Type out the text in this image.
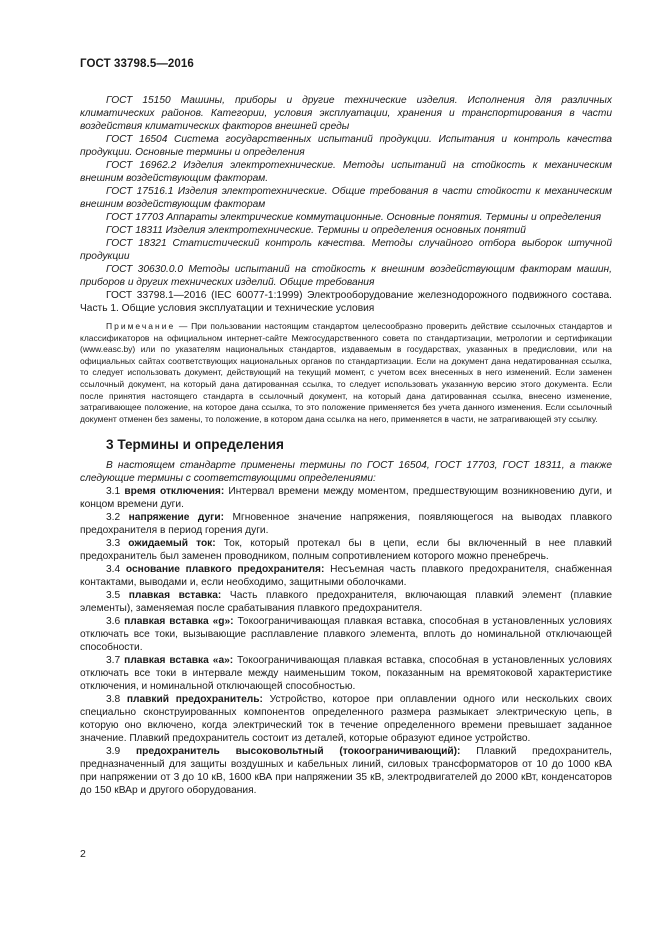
ГОСТ 33798.5—2016

ГОСТ 15150 Машины, приборы и другие технические изделия. Исполнения для различных климатических районов. Категории, условия эксплуатации, хранения и транспортирования в части воздействия климатических факторов внешней среды

ГОСТ 16504 Система государственных испытаний продукции. Испытания и контроль качества продукции. Основные термины и определения

ГОСТ 16962.2 Изделия электротехнические. Методы испытаний на стойкость к механическим внешним воздействующим факторам.

ГОСТ 17516.1 Изделия электротехнические. Общие требования в части стойкости к механическим внешним воздействующим факторам

ГОСТ 17703 Аппараты электрические коммутационные. Основные понятия. Термины и определения

ГОСТ 18311 Изделия электротехнические. Термины и определения основных понятий

ГОСТ 18321 Статистический контроль качества. Методы случайного отбора выборок штучной продукции

ГОСТ 30630.0.0 Методы испытаний на стойкость к внешним воздействующим факторам машин, приборов и других технических изделий. Общие требования

ГОСТ 33798.1—2016 (IEC 60077-1:1999) Электрооборудование железнодорожного подвижного состава. Часть 1. Общие условия эксплуатации и технические условия

Примечание — При пользовании настоящим стандартом целесообразно проверить действие ссылочных стандартов и классификаторов на официальном интернет-сайте Межгосударственного совета по стандартизации, метрологии и сертификации (www.easc.by) или по указателям национальных стандартов, издаваемым в государствах, указанных в предисловии, или на официальных сайтах соответствующих национальных органов по стандартизации. Если на документ дана недатированная ссылка, то следует использовать документ, действующий на текущий момент, с учетом всех внесенных в него изменений. Если заменен ссылочный документ, на который дана датированная ссылка, то следует использовать указанную версию этого документа. Если после принятия настоящего стандарта в ссылочный документ, на который дана датированная ссылка, внесено изменение, затрагивающее положение, на которое дана ссылка, то это положение применяется без учета данного изменения. Если ссылочный документ отменен без замены, то положение, в котором дана ссылка на него, применяется в части, не затрагивающей эту ссылку.

3 Термины и определения

В настоящем стандарте применены термины по ГОСТ 16504, ГОСТ 17703, ГОСТ 18311, а также следующие термины с соответствующими определениями:

3.1 время отключения: Интервал времени между моментом, предшествующим возникновению дуги, и концом времени дуги.

3.2 напряжение дуги: Мгновенное значение напряжения, появляющегося на выводах плавкого предохранителя в период горения дуги.

3.3 ожидаемый ток: Ток, который протекал бы в цепи, если бы включенный в нее плавкий предохранитель был заменен проводником, полным сопротивлением которого можно пренебречь.

3.4 основание плавкого предохранителя: Несъемная часть плавкого предохранителя, снабженная контактами, выводами и, если необходимо, защитными оболочками.

3.5 плавкая вставка: Часть плавкого предохранителя, включающая плавкий элемент (плавкие элементы), заменяемая после срабатывания плавкого предохранителя.

3.6 плавкая вставка «g»: Токоограничивающая плавкая вставка, способная в установленных условиях отключать все токи, вызывающие расплавление плавкого элемента, вплоть до номинальной отключающей способности.

3.7 плавкая вставка «а»: Токоограничивающая плавкая вставка, способная в установленных условиях отключать все токи в интервале между наименьшим током, показанным на времятоковой характеристике отключения, и номинальной отключающей способностью.

3.8 плавкий предохранитель: Устройство, которое при оплавлении одного или нескольких своих специально сконструированных компонентов определенного размера размыкает электрическую цепь, в которую оно включено, когда электрический ток в течение определенного времени превышает заданное значение. Плавкий предохранитель состоит из деталей, которые образуют единое устройство.

3.9 предохранитель высоковольтный (токоограничивающий): Плавкий предохранитель, предназначенный для защиты воздушных и кабельных линий, силовых трансформаторов от 10 до 1000 кВА при напряжении от 3 до 10 кВ, 1600 кВА при напряжении 35 кВ, электродвигателей до 2000 кВт, конденсаторов до 150 кВАр и другого оборудования.

2
